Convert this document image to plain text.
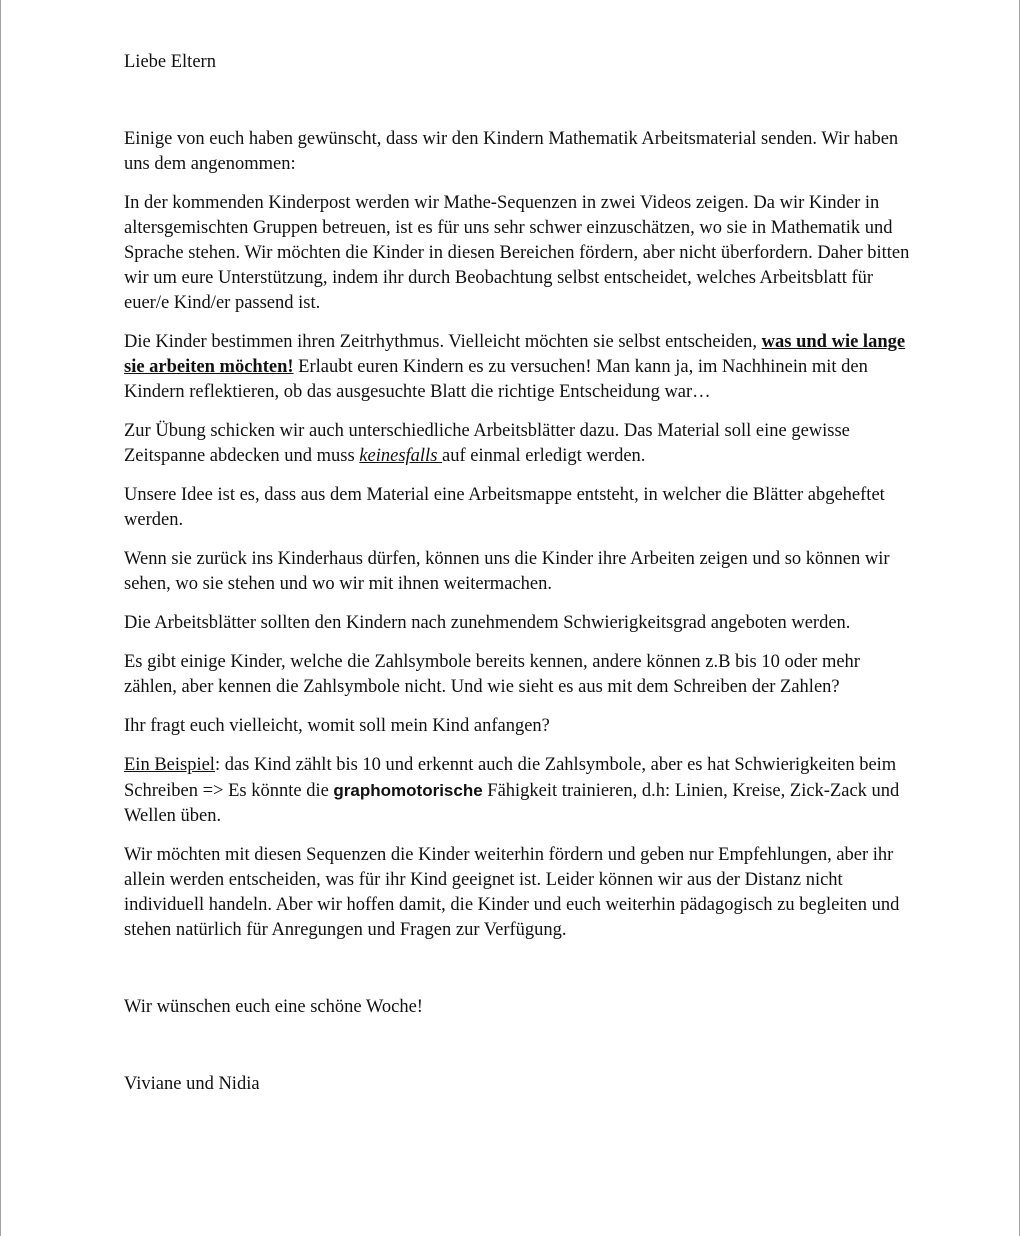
Liebe Eltern

Einige von euch haben gewünscht, dass wir den Kindern Mathematik Arbeitsmaterial senden. Wir haben uns dem angenommen:

In der kommenden Kinderpost werden wir Mathe-Sequenzen in zwei Videos zeigen. Da wir Kinder in altersgemischten Gruppen betreuen, ist es für uns sehr schwer einzuschätzen, wo sie in Mathematik und Sprache stehen. Wir möchten die Kinder in diesen Bereichen fördern, aber nicht überfordern. Daher bitten wir um eure Unterstützung, indem ihr durch Beobachtung selbst entscheidet, welches Arbeitsblatt für euer/e Kind/er passend ist.

Die Kinder bestimmen ihren Zeitrhythmus. Vielleicht möchten sie selbst entscheiden, was und wie lange sie arbeiten möchten! Erlaubt euren Kindern es zu versuchen! Man kann ja, im Nachhinein mit den Kindern reflektieren, ob das ausgesuchte Blatt die richtige Entscheidung war…

Zur Übung schicken wir auch unterschiedliche Arbeitsblätter dazu. Das Material soll eine gewisse Zeitspanne abdecken und muss keinesfalls auf einmal erledigt werden.

Unsere Idee ist es, dass aus dem Material eine Arbeitsmappe entsteht, in welcher die Blätter abgeheftet werden.

Wenn sie zurück ins Kinderhaus dürfen, können uns die Kinder ihre Arbeiten zeigen und so können wir sehen, wo sie stehen und wo wir mit ihnen weitermachen.

Die Arbeitsblätter sollten den Kindern nach zunehmendem Schwierigkeitsgrad angeboten werden.

Es gibt einige Kinder, welche die Zahlsymbole bereits kennen, andere können z.B bis 10 oder mehr zählen, aber kennen die Zahlsymbole nicht. Und wie sieht es aus mit dem Schreiben der Zahlen?

Ihr fragt euch vielleicht, womit soll mein Kind anfangen?

Ein Beispiel: das Kind zählt bis 10 und erkennt auch die Zahlsymbole, aber es hat Schwierigkeiten beim Schreiben => Es könnte die graphomotorische Fähigkeit trainieren, d.h: Linien, Kreise, Zick-Zack und Wellen üben.

Wir möchten mit diesen Sequenzen die Kinder weiterhin fördern und geben nur Empfehlungen, aber ihr allein werden entscheiden, was für ihr Kind geeignet ist. Leider können wir aus der Distanz nicht individuell handeln. Aber wir hoffen damit, die Kinder und euch weiterhin pädagogisch zu begleiten und stehen natürlich für Anregungen und Fragen zur Verfügung.

Wir wünschen euch eine schöne Woche!

Viviane und Nidia
